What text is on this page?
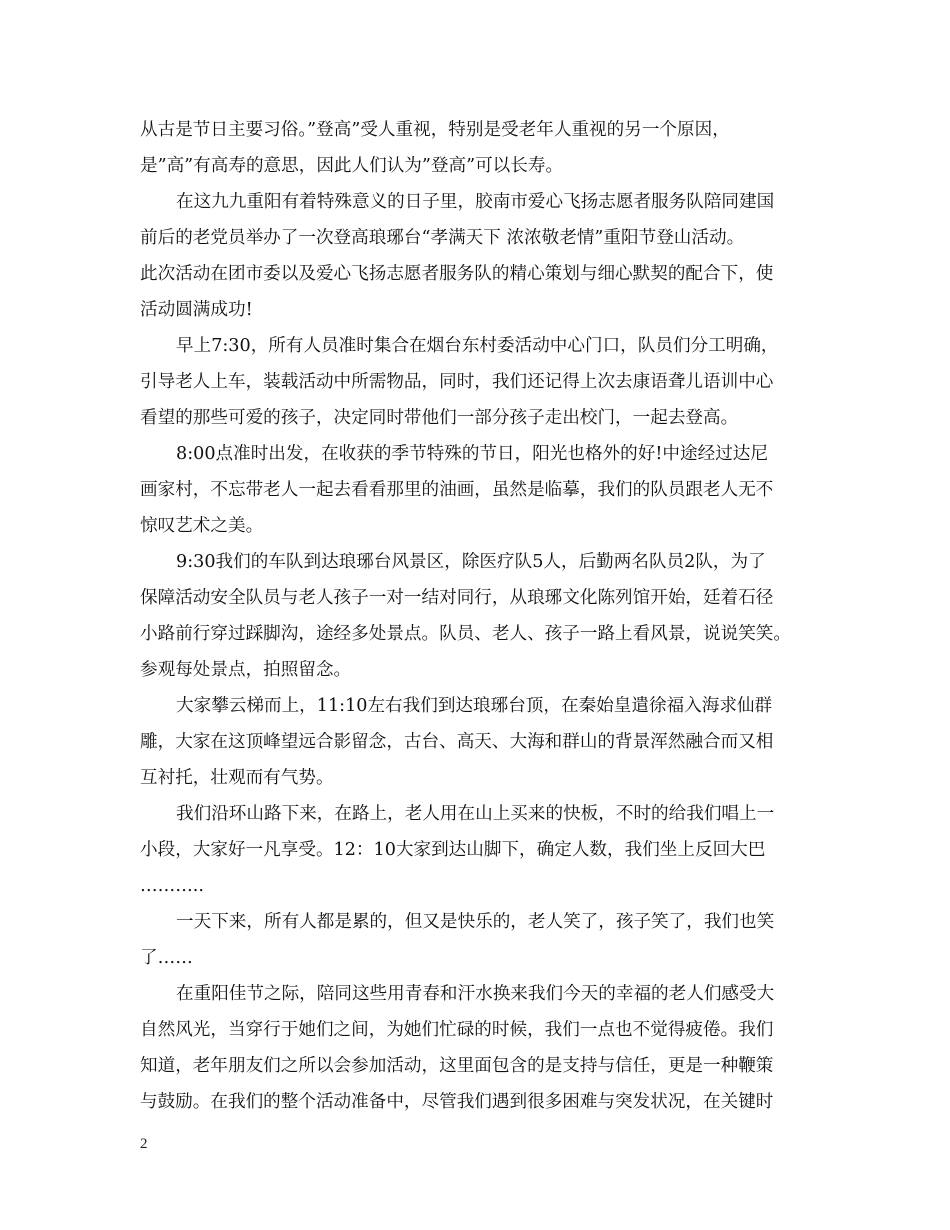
从古是节日主要习俗。”登高”受人重视，特别是受老年人重视的另一个原因，
是”高”有高寿的意思，因此人们认为”登高”可以长寿。
在这九九重阳有着特殊意义的日子里，胶南市爱心飞扬志愿者服务队陪同建国
前后的老党员举办了一次登高琅琊台“孝满天下 浓浓敬老情”重阳节登山活动。
此次活动在团市委以及爱心飞扬志愿者服务队的精心策划与细心默契的配合下，使
活动圆满成功!
早上7:30，所有人员准时集合在烟台东村委活动中心门口，队员们分工明确，
引导老人上车，装载活动中所需物品，同时，我们还记得上次去康语聋儿语训中心
看望的那些可爱的孩子，决定同时带他们一部分孩子走出校门，一起去登高。
8:00点准时出发，在收获的季节特殊的节日，阳光也格外的好!中途经过达尼
画家村，不忘带老人一起去看看那里的油画，虽然是临摹，我们的队员跟老人无不
惊叹艺术之美。
9:30我们的车队到达琅琊台风景区，除医疗队5人，后勤两名队员2队，为了
保障活动安全队员与老人孩子一对一结对同行，从琅琊文化陈列馆开始，廷着石径
小路前行穿过踩脚沟，途经多处景点。队员、老人、孩子一路上看风景，说说笑笑。
参观每处景点，拍照留念。
大家攀云梯而上，11:10左右我们到达琅琊台顶，在秦始皇遣徐福入海求仙群
雕，大家在这顶峰望远合影留念，古台、高天、大海和群山的背景浑然融合而又相
互衬托，壮观而有气势。
我们沿环山路下来，在路上，老人用在山上买来的快板，不时的给我们唱上一
小段，大家好一凡享受。12：10大家到达山脚下，确定人数，我们坐上反回大巴
………..
一天下来，所有人都是累的，但又是快乐的，老人笑了，孩子笑了，我们也笑
了……
在重阳佳节之际，陪同这些用青春和汗水换来我们今天的幸福的老人们感受大
自然风光，当穿行于她们之间，为她们忙碌的时候，我们一点也不觉得疲倦。我们
知道，老年朋友们之所以会参加活动，这里面包含的是支持与信任，更是一种鞭策
与鼓励。在我们的整个活动准备中，尽管我们遇到很多困难与突发状况，在关键时
2
